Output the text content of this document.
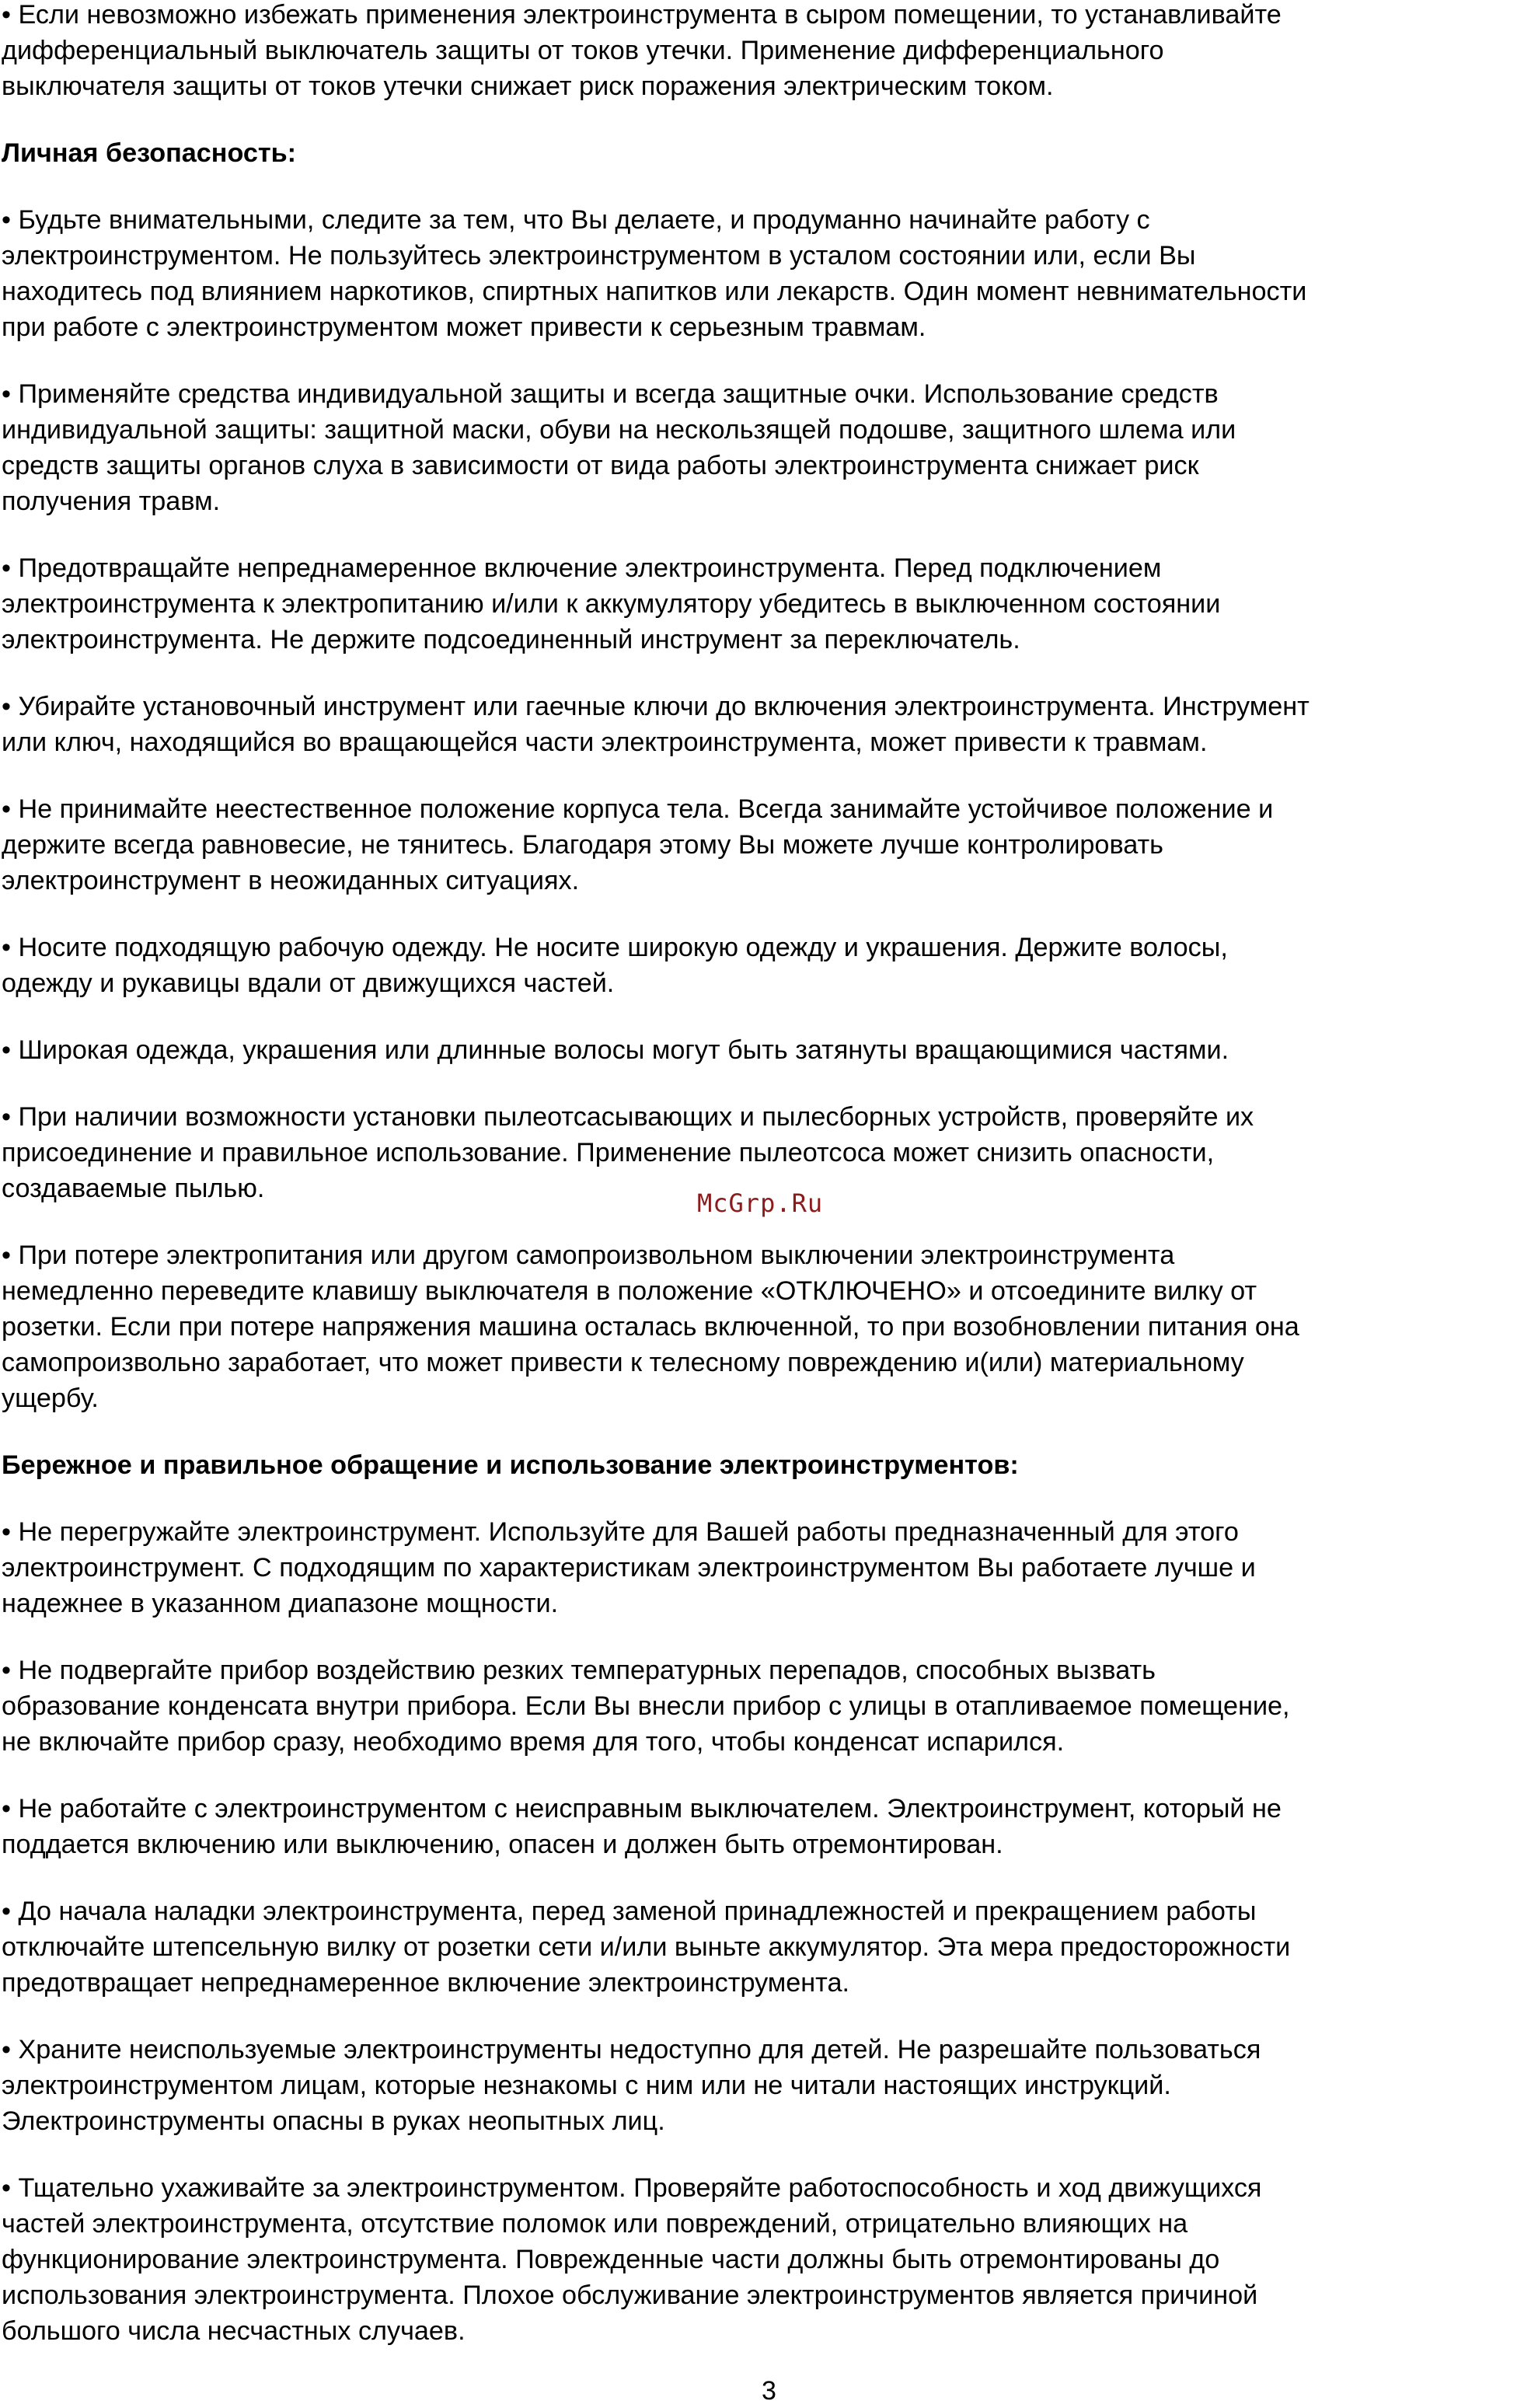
• Если невозможно избежать применения электроинструмента в сыром помещении, то устанавливайте
дифференциальный выключатель защиты от токов утечки. Применение дифференциального
выключателя защиты от токов утечки снижает риск поражения электрическим током.
Личная безопасность:
• Будьте внимательными, следите за тем, что Вы делаете, и продуманно начинайте работу с
электроинструментом. Не пользуйтесь электроинструментом в усталом состоянии или, если Вы
находитесь под влиянием наркотиков, спиртных напитков или лекарств. Один момент невнимательности
при работе с электроинструментом может привести к серьезным травмам.
• Применяйте средства индивидуальной защиты и всегда защитные очки. Использование средств
индивидуальной защиты: защитной маски, обуви на нескользящей подошве, защитного шлема или
средств защиты органов слуха в зависимости от вида работы электроинструмента снижает риск
получения травм.
• Предотвращайте непреднамеренное включение электроинструмента. Перед подключением
электроинструмента к электропитанию и/или к аккумулятору убедитесь в выключенном состоянии
электроинструмента. Не держите подсоединенный инструмент за переключатель.
• Убирайте установочный инструмент или гаечные ключи до включения электроинструмента. Инструмент
или ключ, находящийся во вращающейся части электроинструмента, может привести к травмам.
• Не принимайте неестественное положение корпуса тела. Всегда занимайте устойчивое положение и
держите всегда равновесие, не тянитесь. Благодаря этому Вы можете лучше контролировать
электроинструмент в неожиданных ситуациях.
• Носите подходящую рабочую одежду. Не носите широкую одежду и украшения. Держите волосы,
одежду и рукавицы вдали от движущихся частей.
• Широкая одежда, украшения или длинные волосы могут быть затянуты вращающимися частями.
• При наличии возможности установки пылеотсасывающих и пылесборных устройств, проверяйте их
присоединение и правильное использование. Применение пылеотсоса может снизить опасности,
создаваемые пылью.
• При потере электропитания или другом самопроизвольном выключении электроинструмента
немедленно переведите клавишу выключателя в положение «ОТКЛЮЧЕНО» и отсоедините вилку от
розетки. Если при потере напряжения машина осталась включенной, то при возобновлении питания она
самопроизвольно заработает, что может привести к телесному повреждению и(или) материальному
ущербу.
Бережное и правильное обращение и использование электроинструментов:
• Не перегружайте электроинструмент. Используйте для Вашей работы предназначенный для этого
электроинструмент. С подходящим по характеристикам электроинструментом Вы работаете лучше и
надежнее в указанном диапазоне мощности.
• Не подвергайте прибор воздействию резких температурных перепадов, способных вызвать
образование конденсата внутри прибора. Если Вы внесли прибор с улицы в отапливаемое помещение,
не включайте прибор сразу, необходимо время для того, чтобы конденсат испарился.
• Не работайте с электроинструментом с неисправным выключателем. Электроинструмент, который не
поддается включению или выключению, опасен и должен быть отремонтирован.
• До начала наладки электроинструмента, перед заменой принадлежностей и прекращением работы
отключайте штепсельную вилку от розетки сети и/или выньте аккумулятор. Эта мера предосторожности
предотвращает непреднамеренное включение электроинструмента.
• Храните неиспользуемые электроинструменты недоступно для детей. Не разрешайте пользоваться
электроинструментом лицам, которые незнакомы с ним или не читали настоящих инструкций.
Электроинструменты опасны в руках неопытных лиц.
• Тщательно ухаживайте за электроинструментом. Проверяйте работоспособность и ход движущихся
частей электроинструмента, отсутствие поломок или повреждений, отрицательно влияющих на
функционирование электроинструмента. Поврежденные части должны быть отремонтированы до
использования электроинструмента. Плохое обслуживание электроинструментов является причиной
большого числа несчастных случаев.
McGrp.Ru
3
